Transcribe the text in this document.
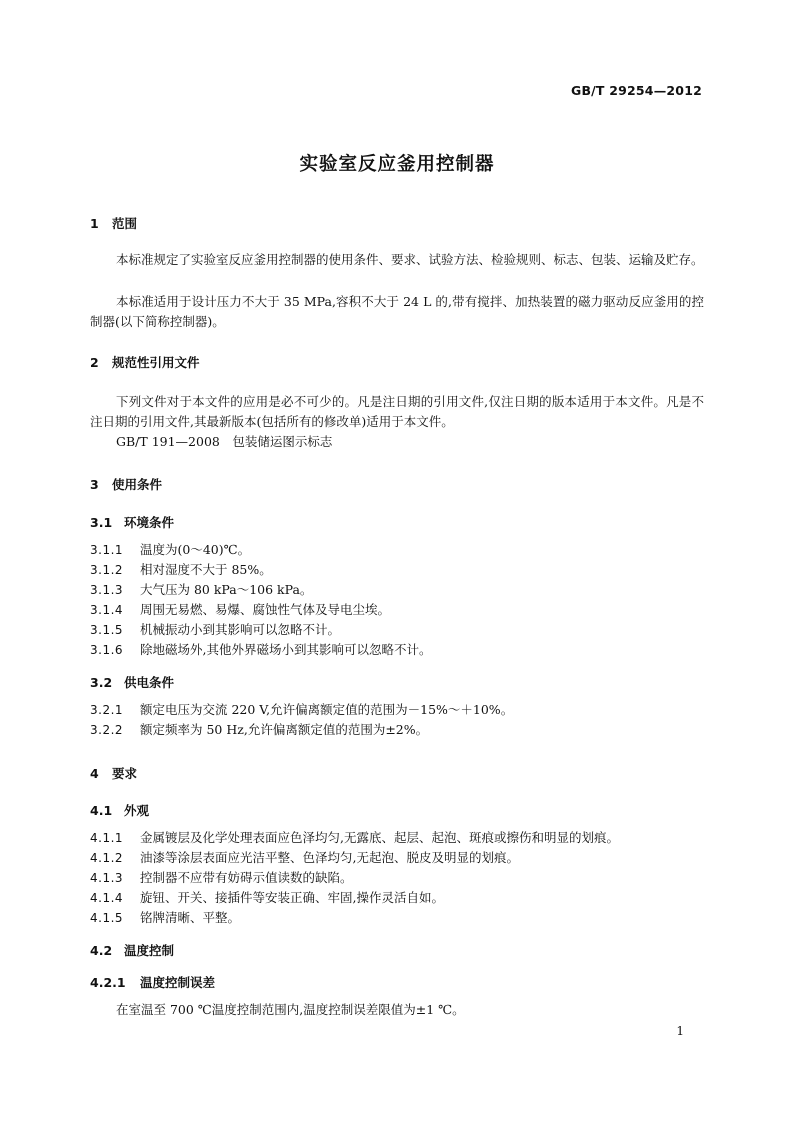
GB/T 29254—2012
实验室反应釜用控制器
1 范围
本标准规定了实验室反应釜用控制器的使用条件、要求、试验方法、检验规则、标志、包装、运输及贮存。
本标准适用于设计压力不大于 35 MPa,容积不大于 24 L 的,带有搅拌、加热装置的磁力驱动反应釜用的控制器(以下简称控制器)。
2 规范性引用文件
下列文件对于本文件的应用是必不可少的。凡是注日期的引用文件,仅注日期的版本适用于本文件。凡是不注日期的引用文件,其最新版本(包括所有的修改单)适用于本文件。
GB/T 191—2008　包装储运图示标志
3 使用条件
3.1 环境条件
3.1.1 温度为(0～40)℃。
3.1.2 相对湿度不大于 85%。
3.1.3 大气压为 80 kPa～106 kPa。
3.1.4 周围无易燃、易爆、腐蚀性气体及导电尘埃。
3.1.5 机械振动小到其影响可以忽略不计。
3.1.6 除地磁场外,其他外界磁场小到其影响可以忽略不计。
3.2 供电条件
3.2.1 额定电压为交流 220 V,允许偏离额定值的范围为－15%～＋10%。
3.2.2 额定频率为 50 Hz,允许偏离额定值的范围为±2%。
4 要求
4.1 外观
4.1.1 金属镀层及化学处理表面应色泽均匀,无露底、起层、起泡、斑痕或擦伤和明显的划痕。
4.1.2 油漆等涂层表面应光洁平整、色泽均匀,无起泡、脱皮及明显的划痕。
4.1.3 控制器不应带有妨碍示值读数的缺陷。
4.1.4 旋钮、开关、接插件等安装正确、牢固,操作灵活自如。
4.1.5 铭牌清晰、平整。
4.2 温度控制
4.2.1 温度控制误差
在室温至 700 ℃温度控制范围内,温度控制误差限值为±1 ℃。
1
